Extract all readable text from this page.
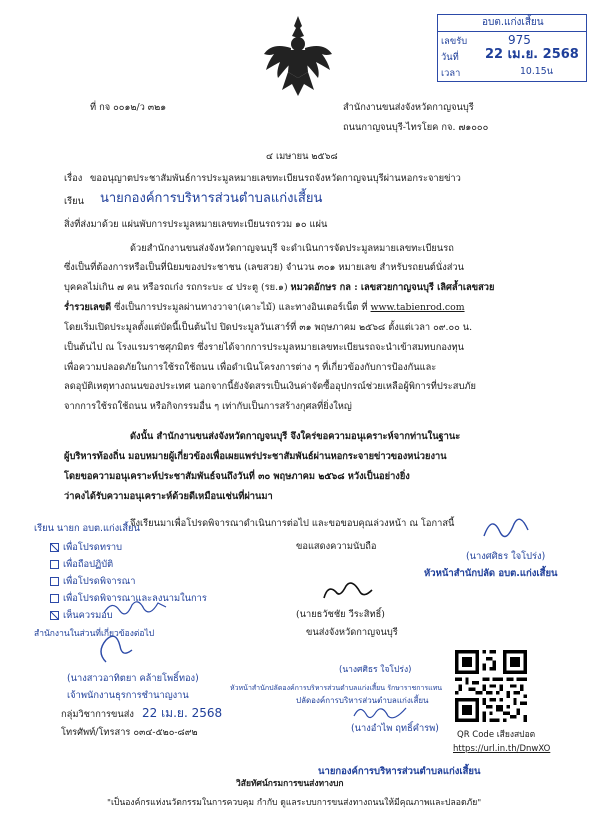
อบต.แก่งเสี้ยน
เลขรับ	975
วันที่ 22 เม.ย. 2568
เวลา	10.15น
ที่ กจ ๐๐๑๒/ว ๓๒๑	สำนักงานขนส่งจังหวัดกาญจนบุรี
ถนนกาญจนบุรี-ไทรโยค กจ. ๗๑๐๐๐
๔ เมษายน ๒๕๖๘
เรื่อง ขออนุญาตประชาสัมพันธ์การประมูลหมายเลขทะเบียนรถจังหวัดกาญจนบุรีผ่านหอกระจายข่าว
เรียน นายกองค์การบริหารส่วนตำบลแก่งเสี้ยน
สิ่งที่ส่งมาด้วย แผ่นพับการประมูลหมายเลขทะเบียนรถรวม ๑๐ แผ่น
ด้วยสำนักงานขนส่งจังหวัดกาญจนบุรี จะดำเนินการจัดประมูลหมายเลขทะเบียนรถ
ซึ่งเป็นที่ต้องการหรือเป็นที่นิยมของประชาชน (เลขสวย) จำนวน ๓๐๑ หมายเลข สำหรับรถยนต์นั่งส่วน
บุคคลไม่เกิน ๗ คน หรือรถเก๋ง รถกระบะ ๔ ประตู (รย.๑) หมวดอักษร กล : เลขสวยกาญจนบุรี เลิศล้ำเลขสวย
ร่ำรวยเลขดี ซึ่งเป็นการประมูลผ่านทางวาจา(เคาะไม้) และทางอินเตอร์เน็ต ที่ www.tabienrod.com
โดยเริ่มเปิดประมูลตั้งแต่บัดนี้เป็นต้นไป ปิดประมูลวันเสาร์ที่ ๓๑ พฤษภาคม ๒๕๖๘ ตั้งแต่เวลา ๐๙.๐๐ น.
เป็นต้นไป ณ โรงแรมราชศุภมิตร ซึ่งรายได้จากการประมูลหมายเลขทะเบียนรถจะนำเข้าสมทบกองทุน
เพื่อความปลอดภัยในการใช้รถใช้ถนน เพื่อดำเนินโครงการต่าง ๆ ที่เกี่ยวข้องกับการป้องกันและ
ลดอุบัติเหตุทางถนนของประเทศ นอกจากนี้ยังจัดสรรเป็นเงินค่าจัดซื้ออุปกรณ์ช่วยเหลือผู้พิการที่ประสบภัย
จากการใช้รถใช้ถนน หรือกิจกรรมอื่น ๆ เท่ากับเป็นการสร้างกุศลที่ยิ่งใหญ่
ดังนั้น สำนักงานขนส่งจังหวัดกาญจนบุรี จึงใคร่ขอความอนุเคราะห์จากท่านในฐานะ
ผู้บริหารท้องถิ่น มอบหมายผู้เกี่ยวข้องเพื่อเผยแพร่ประชาสัมพันธ์ผ่านหอกระจายข่าวของหน่วยงาน
โดยขอความอนุเคราะห์ประชาสัมพันธ์จนถึงวันที่ ๓๐ พฤษภาคม ๒๕๖๘ หวังเป็นอย่างยิ่ง
ว่าคงได้รับความอนุเคราะห์ด้วยดีเหมือนเช่นที่ผ่านมา
จึงเรียนมาเพื่อโปรดพิจารณาดำเนินการต่อไป และขอขอบคุณล่วงหน้า ณ โอกาสนี้
ขอแสดงความนับถือ
เรียน นายก อบต.แก่งเสี้ยน
เพื่อโปรดทราบ
เพื่อถือปฏิบัติ
เพื่อโปรดพิจารณา
เพื่อโปรดพิจารณาและลงนามในการ
เห็นควรมอบ
สำนักงานในส่วนที่เกี่ยวข้องต่อไป
(นางศศิธร ใจโปร่ง)
หัวหน้าสำนักปลัด อบต.แก่งเสี้ยน
(นายธวัชชัย วีระสิทธิ์)
ขนส่งจังหวัดกาญจนบุรี
(นางสาวอาทิตยา คล้ายโพธิ์ทอง)
เจ้าพนักงานธุรการชำนาญงาน
(นางศศิธร ใจโปร่ง)
หัวหน้าสำนักปลัดองค์การบริหารส่วนตำบลแก่งเสี้ยน รักษาราชการแทน
ปลัดองค์การบริหารส่วนตำบลแก่งเสี้ยน
กลุ่มวิชาการขนส่ง 22 เม.ย. 2568
โทรศัพท์/โทรสาร ๐๓๔-๕๒๐-๘๙๒	(นางอำไพ ฤทธิ์คำรพ)
นายกองค์การบริหารส่วนตำบลแก่งเสี้ยน
QR Code เสียงสปอต
https://url.in.th/DnwXO
วิสัยทัศน์กรมการขนส่งทางบก
"เป็นองค์กรแห่งนวัตกรรมในการควบคุม กำกับ ดูแลระบบการขนส่งทางถนนให้มีคุณภาพและปลอดภัย"
